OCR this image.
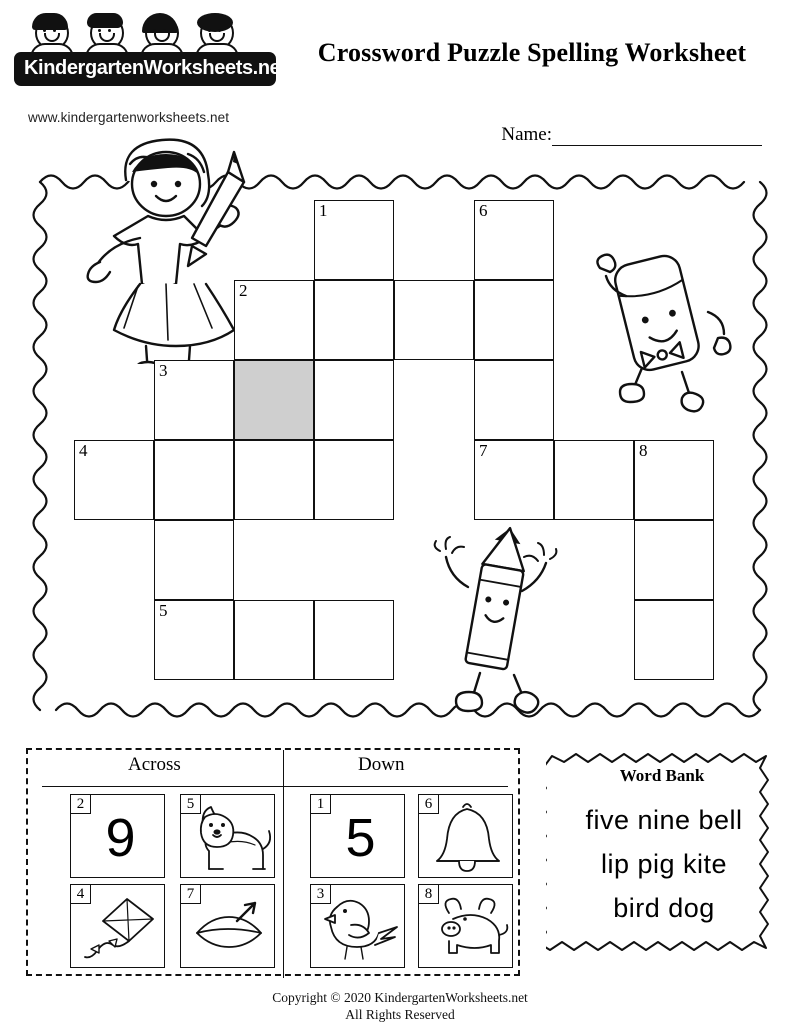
KindergartenWorksheets.net
www.kindergartenworksheets.net
Crossword Puzzle Spelling Worksheet
Name:
1	6
2
3
4	7	8
5
Across	Down
2
9
5
4	7
1
5
6
3	8
Word Bank
five nine bell
lip pig kite
bird dog
Copyright © 2020 KindergartenWorksheets.net
All Rights Reserved
